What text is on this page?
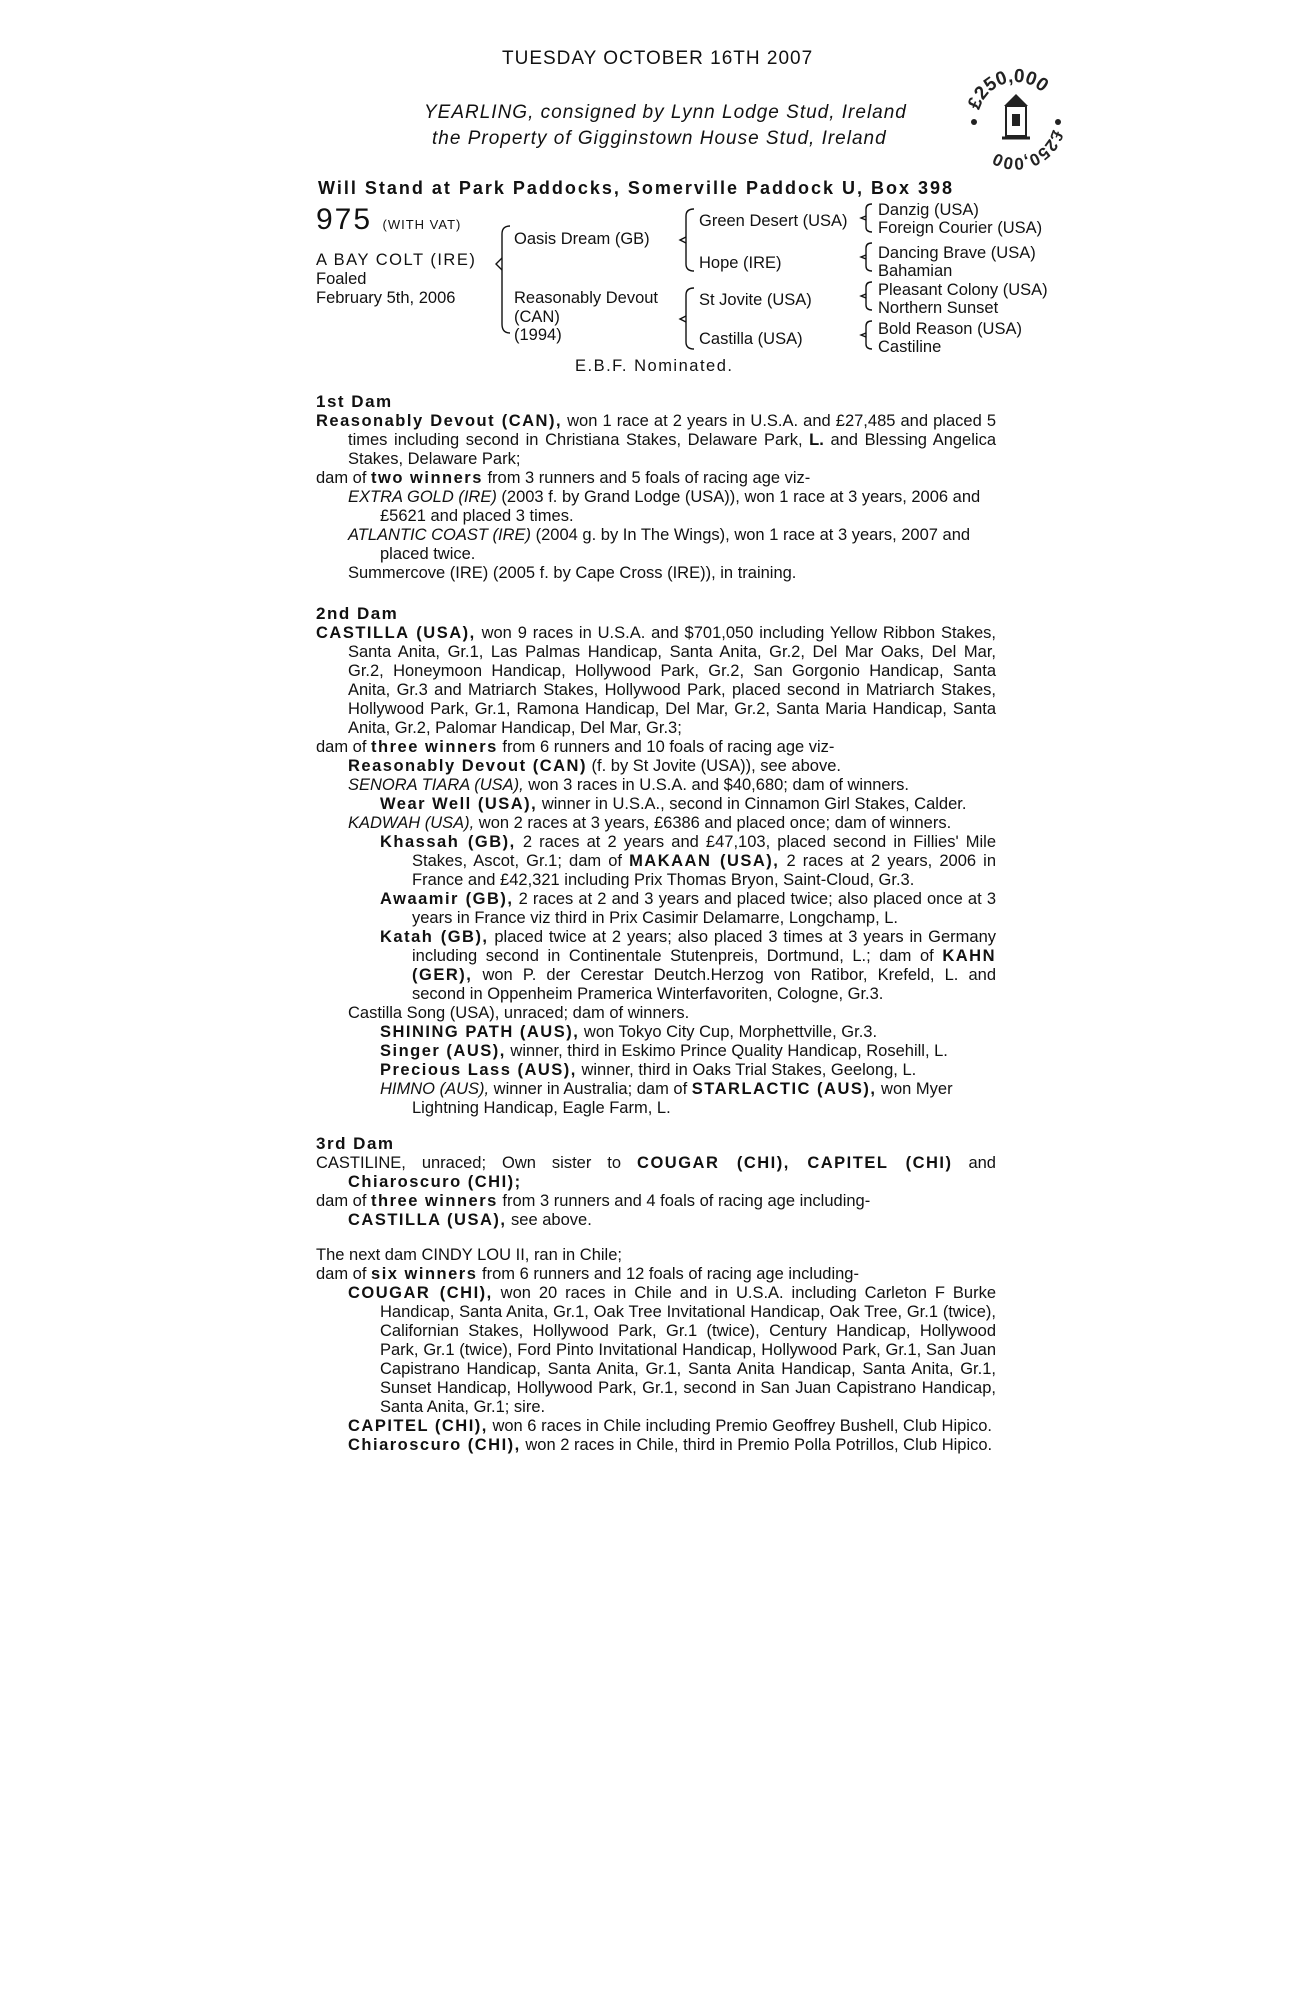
TUESDAY OCTOBER 16TH 2007
YEARLING, consigned by Lynn Lodge Stud, Ireland
the Property of Gigginstown House Stud, Ireland
£250,000
£250,000
Will Stand at Park Paddocks, Somerville Paddock U, Box 398
975 (WITH VAT)
A BAY COLT (IRE)
Foaled
February 5th, 2006
Oasis Dream (GB)
Reasonably Devout
(CAN)
(1994)
Green Desert (USA)
Hope (IRE)
St Jovite (USA)
Castilla (USA)
Danzig (USA)
Foreign Courier (USA)
Dancing Brave (USA)
Bahamian
Pleasant Colony (USA)
Northern Sunset
Bold Reason (USA)
Castiline
E.B.F. Nominated.
1st Dam
Reasonably Devout (CAN), won 1 race at 2 years in U.S.A. and £27,485 and placed 5 times including second in Christiana Stakes, Delaware Park, L. and Blessing Angelica Stakes, Delaware Park;
dam of two winners from 3 runners and 5 foals of racing age viz-
EXTRA GOLD (IRE) (2003 f. by Grand Lodge (USA)), won 1 race at 3 years, 2006 and £5621 and placed 3 times.
ATLANTIC COAST (IRE) (2004 g. by In The Wings), won 1 race at 3 years, 2007 and placed twice.
Summercove (IRE) (2005 f. by Cape Cross (IRE)), in training.
2nd Dam
CASTILLA (USA), won 9 races in U.S.A. and $701,050 including Yellow Ribbon Stakes, Santa Anita, Gr.1, Las Palmas Handicap, Santa Anita, Gr.2, Del Mar Oaks, Del Mar, Gr.2, Honeymoon Handicap, Hollywood Park, Gr.2, San Gorgonio Handicap, Santa Anita, Gr.3 and Matriarch Stakes, Hollywood Park, placed second in Matriarch Stakes, Hollywood Park, Gr.1, Ramona Handicap, Del Mar, Gr.2, Santa Maria Handicap, Santa Anita, Gr.2, Palomar Handicap, Del Mar, Gr.3;
dam of three winners from 6 runners and 10 foals of racing age viz-
Reasonably Devout (CAN) (f. by St Jovite (USA)), see above.
SENORA TIARA (USA), won 3 races in U.S.A. and $40,680; dam of winners.
Wear Well (USA), winner in U.S.A., second in Cinnamon Girl Stakes, Calder.
KADWAH (USA), won 2 races at 3 years, £6386 and placed once; dam of winners.
Khassah (GB), 2 races at 2 years and £47,103, placed second in Fillies' Mile Stakes, Ascot, Gr.1; dam of MAKAAN (USA), 2 races at 2 years, 2006 in France and £42,321 including Prix Thomas Bryon, Saint-Cloud, Gr.3.
Awaamir (GB), 2 races at 2 and 3 years and placed twice; also placed once at 3 years in France viz third in Prix Casimir Delamarre, Longchamp, L.
Katah (GB), placed twice at 2 years; also placed 3 times at 3 years in Germany including second in Continentale Stutenpreis, Dortmund, L.; dam of KAHN (GER), won P. der Cerestar Deutch.Herzog von Ratibor, Krefeld, L. and second in Oppenheim Pramerica Winterfavoriten, Cologne, Gr.3.
Castilla Song (USA), unraced; dam of winners.
SHINING PATH (AUS), won Tokyo City Cup, Morphettville, Gr.3.
Singer (AUS), winner, third in Eskimo Prince Quality Handicap, Rosehill, L.
Precious Lass (AUS), winner, third in Oaks Trial Stakes, Geelong, L.
HIMNO (AUS), winner in Australia; dam of STARLACTIC (AUS), won Myer Lightning Handicap, Eagle Farm, L.
3rd Dam
CASTILINE, unraced; Own sister to COUGAR (CHI), CAPITEL (CHI) and Chiaroscuro (CHI);
dam of three winners from 3 runners and 4 foals of racing age including-
CASTILLA (USA), see above.
The next dam CINDY LOU II, ran in Chile;
dam of six winners from 6 runners and 12 foals of racing age including-
COUGAR (CHI), won 20 races in Chile and in U.S.A. including Carleton F Burke Handicap, Santa Anita, Gr.1, Oak Tree Invitational Handicap, Oak Tree, Gr.1 (twice), Californian Stakes, Hollywood Park, Gr.1 (twice), Century Handicap, Hollywood Park, Gr.1 (twice), Ford Pinto Invitational Handicap, Hollywood Park, Gr.1, San Juan Capistrano Handicap, Santa Anita, Gr.1, Santa Anita Handicap, Santa Anita, Gr.1, Sunset Handicap, Hollywood Park, Gr.1, second in San Juan Capistrano Handicap, Santa Anita, Gr.1; sire.
CAPITEL (CHI), won 6 races in Chile including Premio Geoffrey Bushell, Club Hipico.
Chiaroscuro (CHI), won 2 races in Chile, third in Premio Polla Potrillos, Club Hipico.
